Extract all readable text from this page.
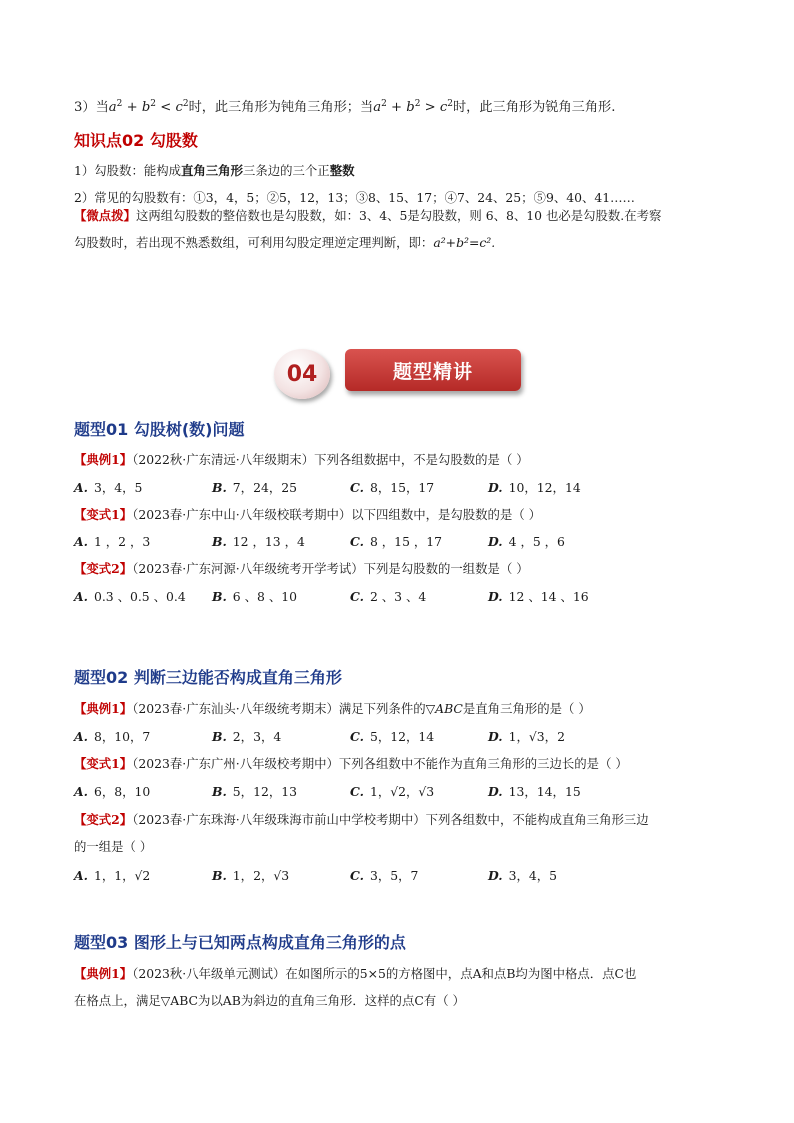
3）当$a^2 + b^2 < c^2$时，此三角形为钝角三角形；当$a^2 + b^2 > c^2$时，此三角形为锐角三角形.
知识点02 勾股数
1）勾股数：能构成直角三角形三条边的三个正整数
2）常见的勾股数有：①3，4，5；②5，12，13；③8、15、17；④7、24、25；⑤9、40、41……
【微点拨】这两组勾股数的整倍数也是勾股数，如：3、4、5是勾股数，则 6、8、10 也必是勾股数.在考察
勾股数时，若出现不熟悉数组，可利用勾股定理逆定理判断，即：a²+b²=c².
04	题型精讲
题型01 勾股树(数)问题
【典例1】（2022秋·广东清远·八年级期末）下列各组数据中，不是勾股数的是（ ）
A. 3，4，5	B. 7，24，25	C. 8，15，17	D. 10，12，14
【变式1】（2023春·广东中山·八年级校联考期中）以下四组数中，是勾股数的是（ ）
A. 1 ，2 ，3	B. 12 ，13 ，4	C. 8 ，15 ，17	D. 4 ，5 ，6
【变式2】（2023春·广东河源·八年级统考开学考试）下列是勾股数的一组数是（ ）
A. 0.3 、0.5 、0.4	B. 6 、8 、10	C. 2 、3 、4	D. 12 、14 、16
题型02 判断三边能否构成直角三角形
【典例1】（2023春·广东汕头·八年级统考期末）满足下列条件的▽ABC是直角三角形的是（ ）
A. 8，10，7	B. 2，3，4	C. 5，12，14	D. 1，√3，2
【变式1】（2023春·广东广州·八年级校考期中）下列各组数中不能作为直角三角形的三边长的是（ ）
A. 6，8，10	B. 5，12，13	C. 1，√2，√3	D. 13，14，15
【变式2】（2023春·广东珠海·八年级珠海市前山中学校考期中）下列各组数中，不能构成直角三角形三边
的一组是（ ）
A. 1，1，√2	B. 1，2，√3	C. 3，5，7	D. 3，4，5
题型03 图形上与已知两点构成直角三角形的点
【典例1】（2023秋·八年级单元测试）在如图所示的5×5的方格图中，点A和点B均为图中格点．点C也
在格点上，满足▽ABC为以AB为斜边的直角三角形．这样的点C有（ ）
